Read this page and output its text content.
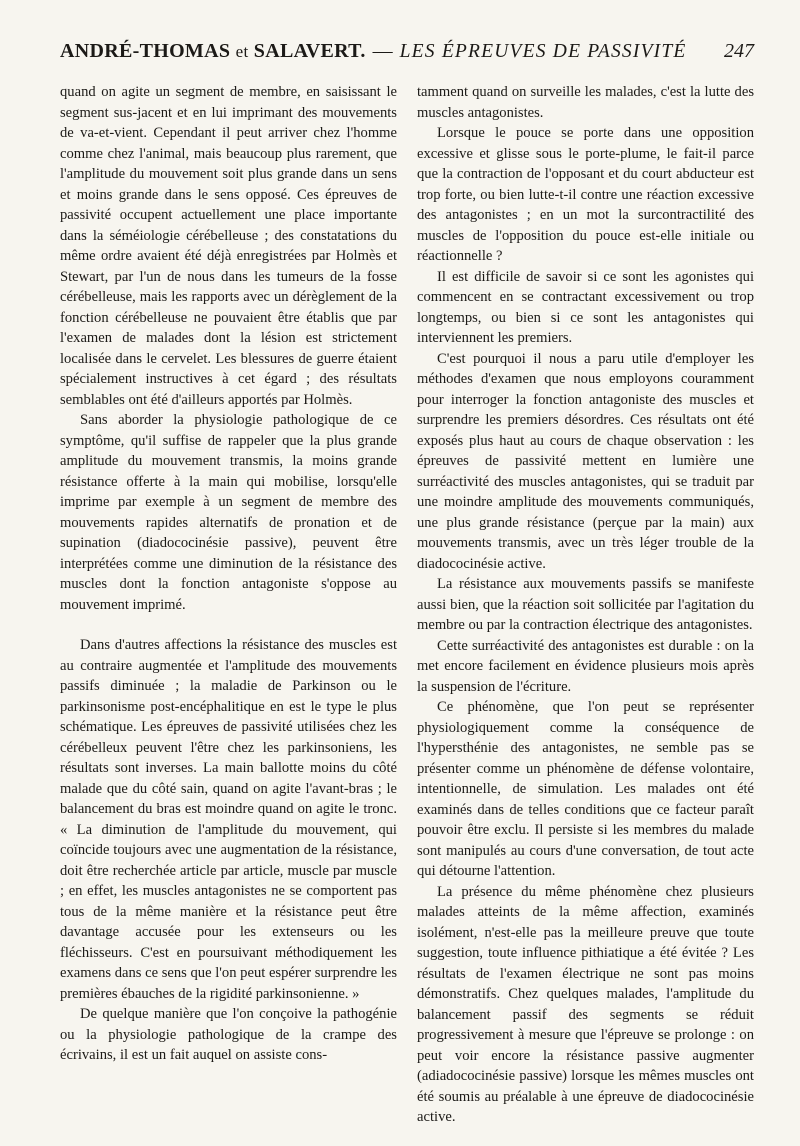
ANDRÉ-THOMAS et SALAVERT. — LES ÉPREUVES DE PASSIVITÉ 247

quand on agite un segment de membre, en saisissant le segment sus-jacent et en lui imprimant des mouvements de va-et-vient. Cependant il peut arriver chez l'homme comme chez l'animal, mais beaucoup plus rarement, que l'amplitude du mouvement soit plus grande dans un sens et moins grande dans le sens opposé. Ces épreuves de passivité occupent actuellement une place importante dans la séméiologie cérébelleuse ; des constatations du même ordre avaient été déjà enregistrées par Holmès et Stewart, par l'un de nous dans les tumeurs de la fosse cérébelleuse, mais les rapports avec un dérèglement de la fonction cérébelleuse ne pouvaient être établis que par l'examen de malades dont la lésion est strictement localisée dans le cervelet. Les blessures de guerre étaient spécialement instructives à cet égard ; des résultats semblables ont été d'ailleurs apportés par Holmès.

Sans aborder la physiologie pathologique de ce symptôme, qu'il suffise de rappeler que la plus grande amplitude du mouvement transmis, la moins grande résistance offerte à la main qui mobilise, lorsqu'elle imprime par exemple à un segment de membre des mouvements rapides alternatifs de pronation et de supination (diadococinésie passive), peuvent être interprétées comme une diminution de la résistance des muscles dont la fonction antagoniste s'oppose au mouvement imprimé.

Dans d'autres affections la résistance des muscles est au contraire augmentée et l'amplitude des mouvements passifs diminuée ; la maladie de Parkinson ou le parkinsonisme post-encéphalitique en est le type le plus schématique. Les épreuves de passivité utilisées chez les cérébelleux peuvent l'être chez les parkinsoniens, les résultats sont inverses. La main ballotte moins du côté malade que du côté sain, quand on agite l'avant-bras ; le balancement du bras est moindre quand on agite le tronc. « La diminution de l'amplitude du mouvement, qui coïncide toujours avec une augmentation de la résistance, doit être recherchée article par article, muscle par muscle ; en effet, les muscles antagonistes ne se comportent pas tous de la même manière et la résistance peut être davantage accusée pour les extenseurs ou les fléchisseurs. C'est en poursuivant méthodiquement les examens dans ce sens que l'on peut espérer surprendre les premières ébauches de la rigidité parkinsonienne. »

De quelque manière que l'on conçoive la pathogénie ou la physiologie pathologique de la crampe des écrivains, il est un fait auquel on assiste cons-

tamment quand on surveille les malades, c'est la lutte des muscles antagonistes.

Lorsque le pouce se porte dans une opposition excessive et glisse sous le porte-plume, le fait-il parce que la contraction de l'opposant et du court abducteur est trop forte, ou bien lutte-t-il contre une réaction excessive des antagonistes ; en un mot la surcontractilité des muscles de l'opposition du pouce est-elle initiale ou réactionnelle ?

Il est difficile de savoir si ce sont les agonistes qui commencent en se contractant excessivement ou trop longtemps, ou bien si ce sont les antagonistes qui interviennent les premiers.

C'est pourquoi il nous a paru utile d'employer les méthodes d'examen que nous employons couramment pour interroger la fonction antagoniste des muscles et surprendre les premiers désordres. Ces résultats ont été exposés plus haut au cours de chaque observation : les épreuves de passivité mettent en lumière une surréactivité des muscles antagonistes, qui se traduit par une moindre amplitude des mouvements communiqués, une plus grande résistance (perçue par la main) aux mouvements transmis, avec un très léger trouble de la diadococinésie active.

La résistance aux mouvements passifs se manifeste aussi bien, que la réaction soit sollicitée par l'agitation du membre ou par la contraction électrique des antagonistes.

Cette surréactivité des antagonistes est durable : on la met encore facilement en évidence plusieurs mois après la suspension de l'écriture.

Ce phénomène, que l'on peut se représenter physiologiquement comme la conséquence de l'hypersthénie des antagonistes, ne semble pas se présenter comme un phénomène de défense volontaire, intentionnelle, de simulation. Les malades ont été examinés dans de telles conditions que ce facteur paraît pouvoir être exclu. Il persiste si les membres du malade sont manipulés au cours d'une conversation, de tout acte qui détourne l'attention.

La présence du même phénomène chez plusieurs malades atteints de la même affection, examinés isolément, n'est-elle pas la meilleure preuve que toute suggestion, toute influence pithiatique a été évitée ? Les résultats de l'examen électrique ne sont pas moins démonstratifs. Chez quelques malades, l'amplitude du balancement passif des segments se réduit progressivement à mesure que l'épreuve se prolonge : on peut voir encore la résistance passive augmenter (adiadococinésie passive) lorsque les mêmes muscles ont été soumis au préalable à une épreuve de diadococinésie active.
